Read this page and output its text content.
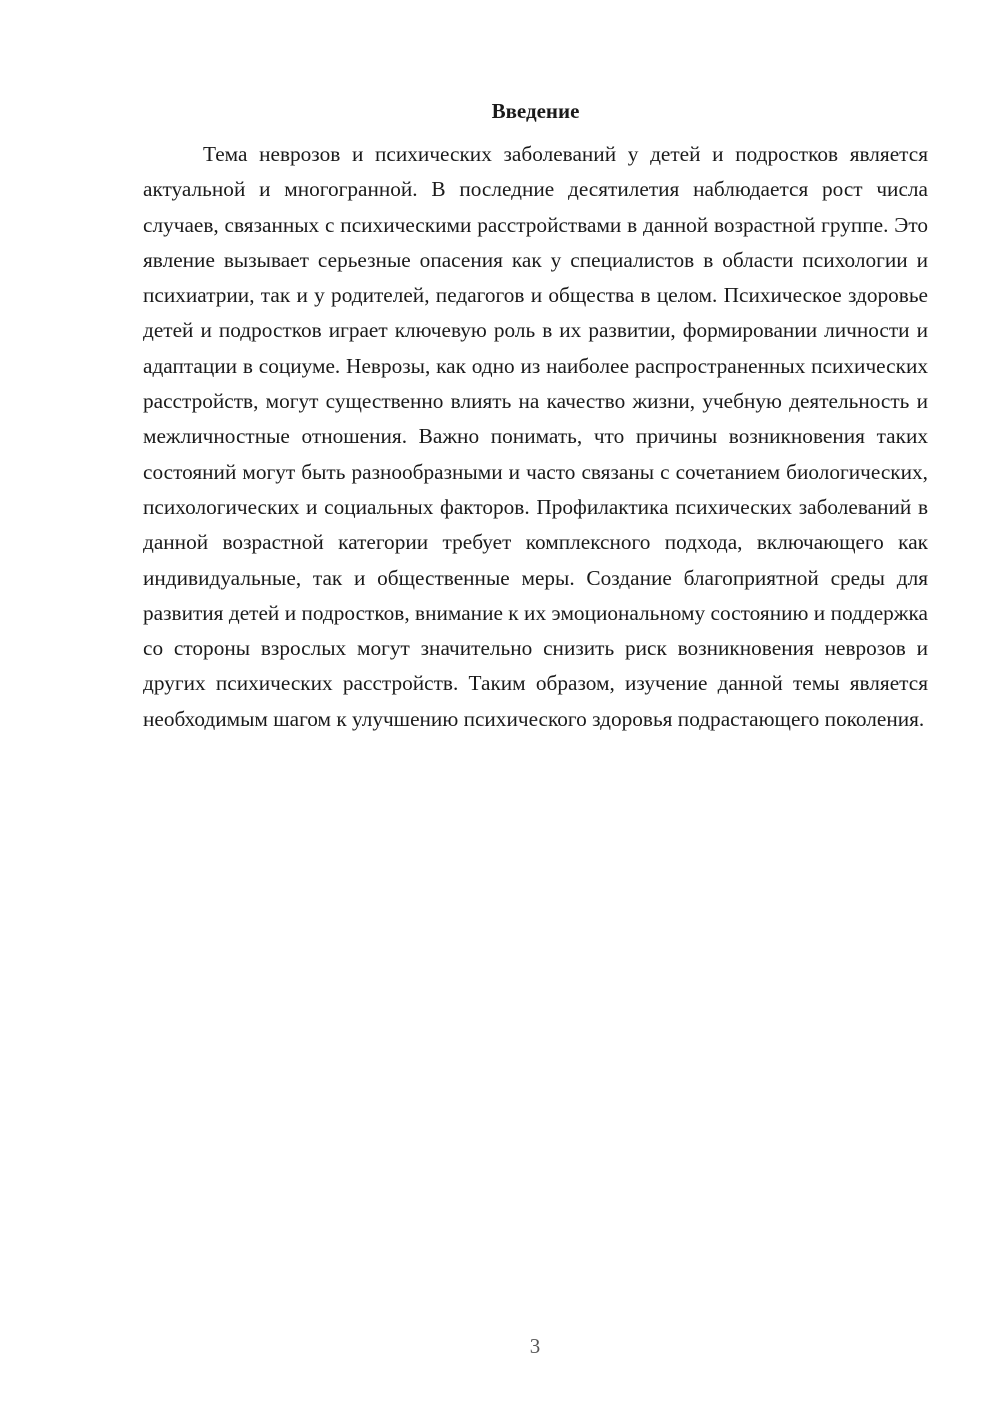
Введение

Тема неврозов и психических заболеваний у детей и подростков является актуальной и многогранной. В последние десятилетия наблюдается рост числа случаев, связанных с психическими расстройствами в данной возрастной группе. Это явление вызывает серьезные опасения как у специалистов в области психологии и психиатрии, так и у родителей, педагогов и общества в целом. Психическое здоровье детей и подростков играет ключевую роль в их развитии, формировании личности и адаптации в социуме. Неврозы, как одно из наиболее распространенных психических расстройств, могут существенно влиять на качество жизни, учебную деятельность и межличностные отношения. Важно понимать, что причины возникновения таких состояний могут быть разнообразными и часто связаны с сочетанием биологических, психологических и социальных факторов. Профилактика психических заболеваний в данной возрастной категории требует комплексного подхода, включающего как индивидуальные, так и общественные меры. Создание благоприятной среды для развития детей и подростков, внимание к их эмоциональному состоянию и поддержка со стороны взрослых могут значительно снизить риск возникновения неврозов и других психических расстройств. Таким образом, изучение данной темы является необходимым шагом к улучшению психического здоровья подрастающего поколения.

3
